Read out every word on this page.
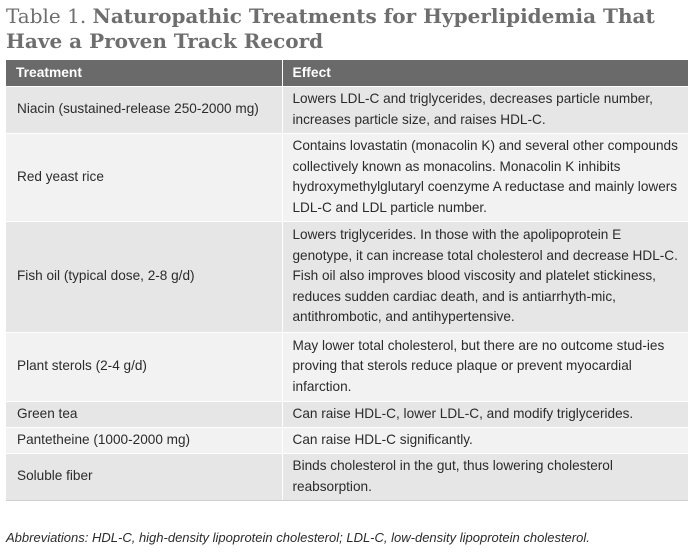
Table 1. Naturopathic Treatments for Hyperlipidemia That Have a Proven Track Record
Treatment	Effect
Niacin (sustained-release 250-2000 mg)	Lowers LDL-C and triglycerides, decreases particle number, increases particle size, and raises HDL-C.
Red yeast rice	Contains lovastatin (monacolin K) and several other compounds collectively known as monacolins. Monacolin K inhibits hydroxymethylglutaryl coenzyme A reductase and mainly lowers LDL-C and LDL particle number.
Fish oil (typical dose, 2-8 g/d)	Lowers triglycerides. In those with the apolipoprotein E genotype, it can increase total cholesterol and decrease HDL-C. Fish oil also improves blood viscosity and platelet stickiness, reduces sudden cardiac death, and is antiarrhyth-mic, antithrombotic, and antihypertensive.
Plant sterols (2-4 g/d)	May lower total cholesterol, but there are no outcome stud-ies proving that sterols reduce plaque or prevent myocardial infarction.
Green tea	Can raise HDL-C, lower LDL-C, and modify triglycerides.
Pantetheine (1000-2000 mg)	Can raise HDL-C significantly.
Soluble fiber	Binds cholesterol in the gut, thus lowering cholesterol reabsorption.
Abbreviations: HDL-C, high-density lipoprotein cholesterol; LDL-C, low-density lipoprotein cholesterol.
